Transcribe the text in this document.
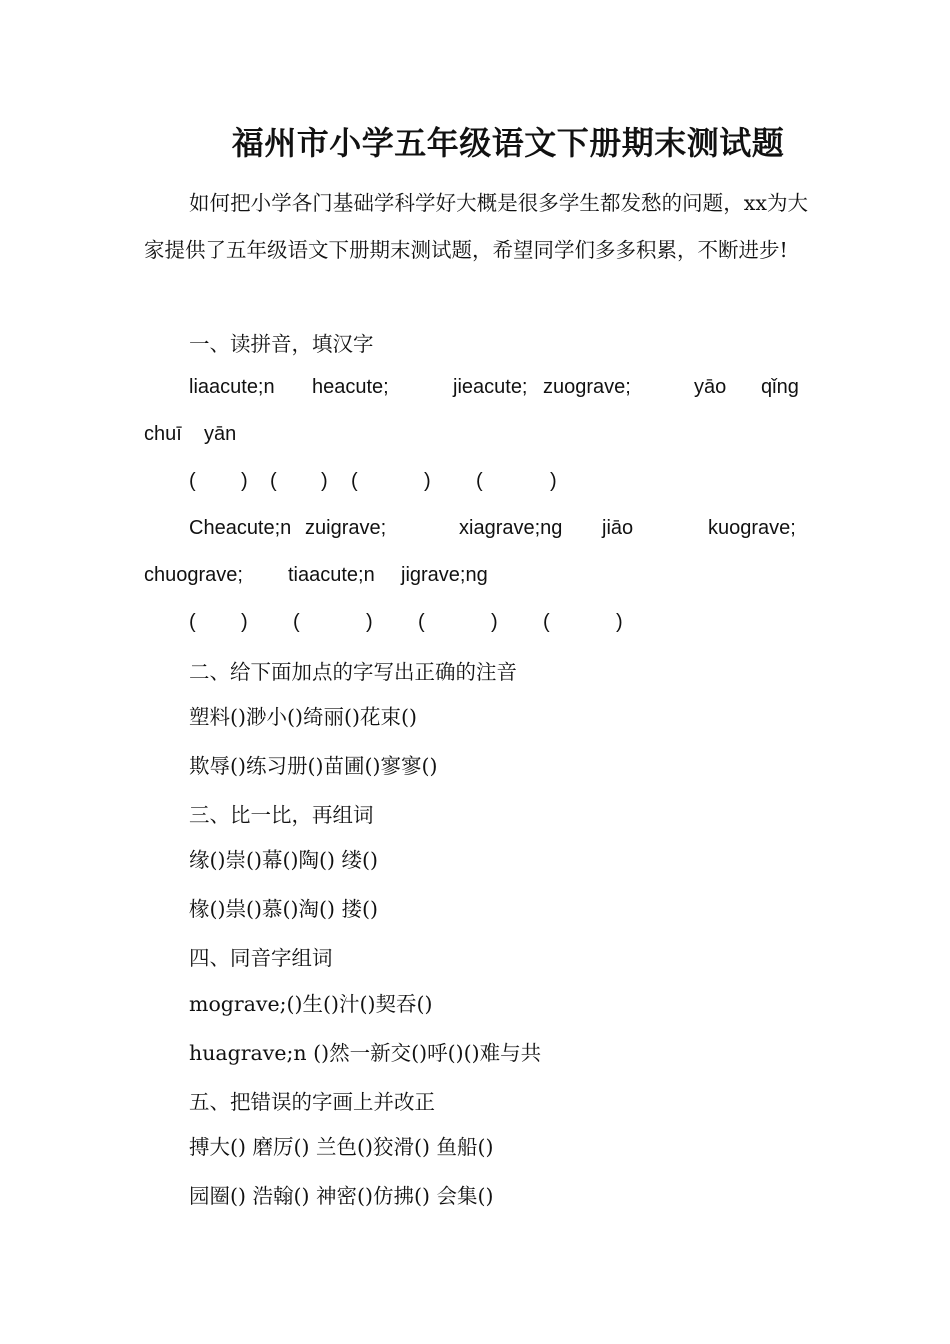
福州市小学五年级语文下册期末测试题
如何把小学各门基础学科学好大概是很多学生都发愁的问题，xx为大家提供了五年级语文下册期末测试题，希望同学们多多积累，不断进步!
一、读拼音，填汉字
liaacute;n heacute;	jieacute; zuograve;	yāo qǐng
chuī yān
( ) ( ) (	) (	)
Cheacute;n zuigrave;	xiagrave;ng jiāo	kuograve;
chuograve; tiaacute;n jigrave;ng
( ) (	) (	) (	)
二、给下面加点的字写出正确的注音
塑料()渺小()绮丽()花束()
欺辱()练习册()苗圃()寥寥()
三、比一比，再组词
缘()崇()幕()陶() 缕()
椽()祟()慕()淘() 搂()
四、同音字组词
mograve;()生()汁()契吞()
huagrave;n ()然一新交()呼()()难与共
五、把错误的字画上并改正
搏大() 磨厉() 兰色()狡滑() 鱼船()
园圈() 浩翰() 神密()仿拂() 会集()
